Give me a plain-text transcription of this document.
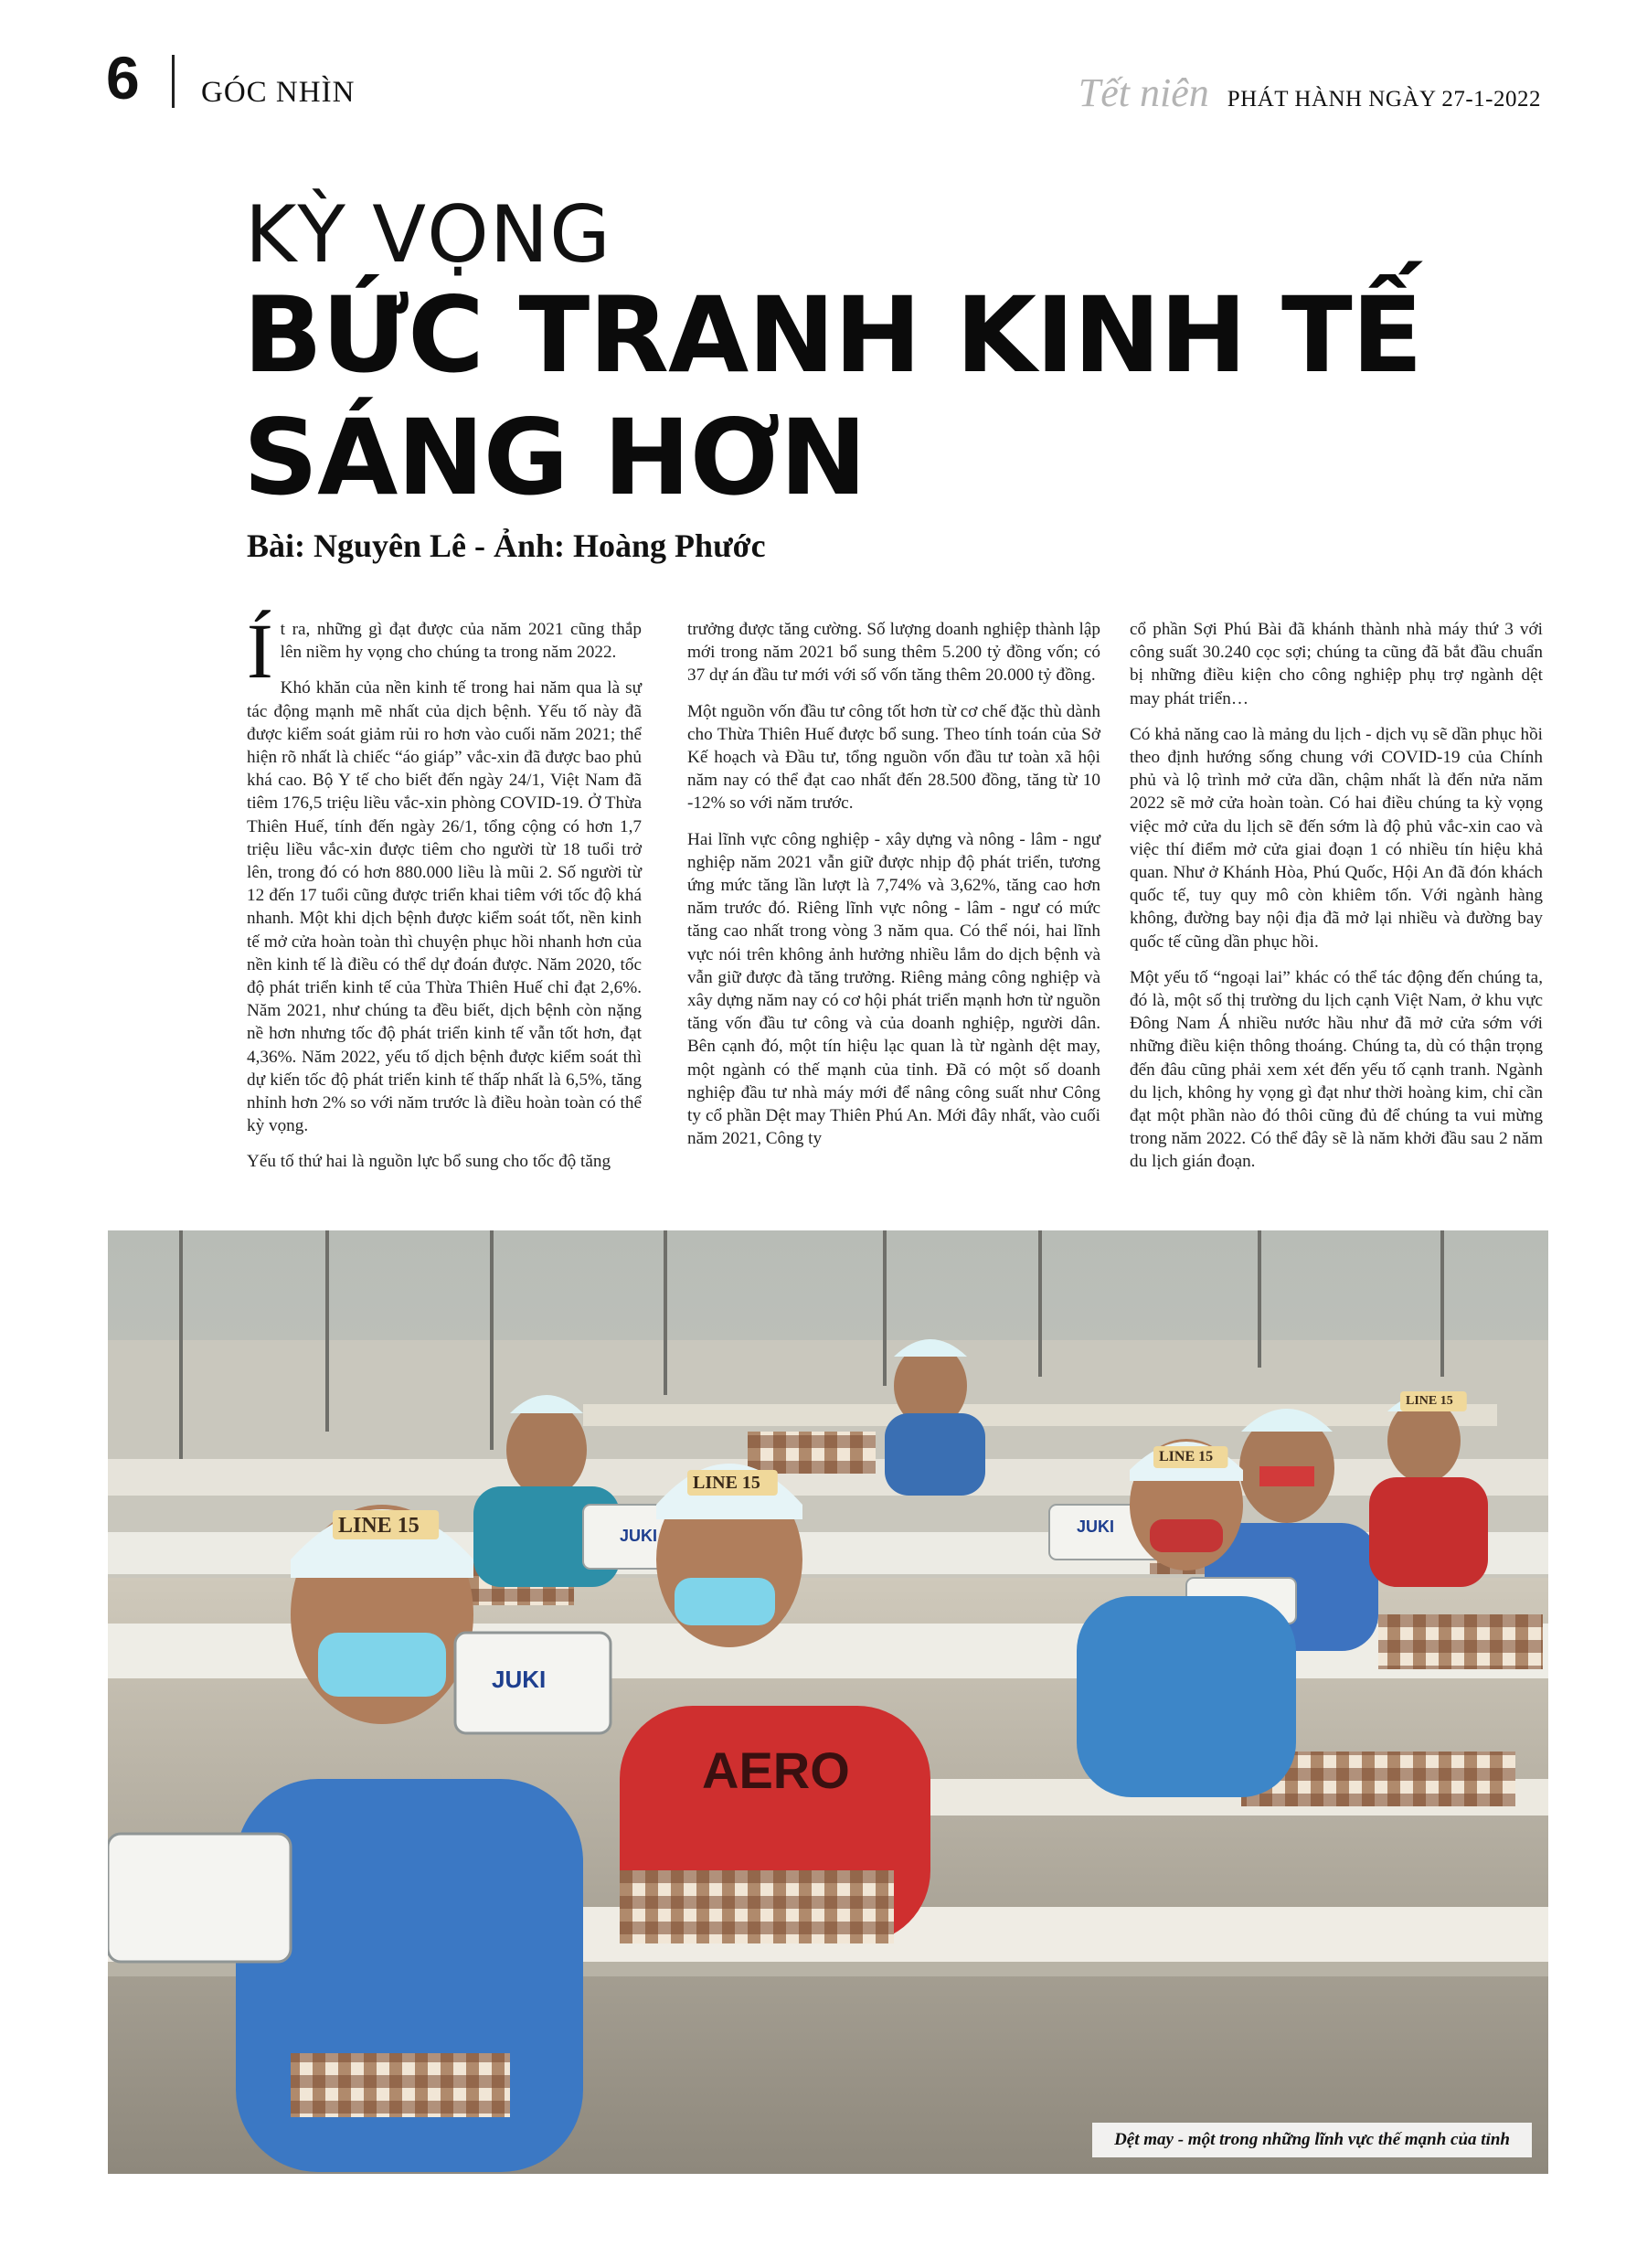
6 GÓC NHÌN	Tết niên PHÁT HÀNH NGÀY 27-1-2022
KỲ VỌNG
BỨC TRANH KINH TẾ SÁNG HƠN
Bài: Nguyên Lê - Ảnh: Hoàng Phước

Ít ra, những gì đạt được của năm 2021 cũng thắp lên niềm hy vọng cho chúng ta trong năm 2022.

Khó khăn của nền kinh tế trong hai năm qua là sự tác động mạnh mẽ nhất của dịch bệnh. Yếu tố này đã được kiểm soát giảm rủi ro hơn vào cuối năm 2021; thể hiện rõ nhất là chiếc “áo giáp” vắc-xin đã được bao phủ khá cao. Bộ Y tế cho biết đến ngày 24/1, Việt Nam đã tiêm 176,5 triệu liều vắc-xin phòng COVID-19. Ở Thừa Thiên Huế, tính đến ngày 26/1, tổng cộng có hơn 1,7 triệu liều vắc-xin được tiêm cho người từ 18 tuổi trở lên, trong đó có hơn 880.000 liều là mũi 2. Số người từ 12 đến 17 tuổi cũng được triển khai tiêm với tốc độ khá nhanh. Một khi dịch bệnh được kiểm soát tốt, nền kinh tế mở cửa hoàn toàn thì chuyện phục hồi nhanh hơn của nền kinh tế là điều có thể dự đoán được. Năm 2020, tốc độ phát triển kinh tế của Thừa Thiên Huế chỉ đạt 2,6%. Năm 2021, như chúng ta đều biết, dịch bệnh còn nặng nề hơn nhưng tốc độ phát triển kinh tế vẫn tốt hơn, đạt 4,36%. Năm 2022, yếu tố dịch bệnh được kiểm soát thì dự kiến tốc độ phát triển kinh tế thấp nhất là 6,5%, tăng nhỉnh hơn 2% so với năm trước là điều hoàn toàn có thể kỳ vọng.

Yếu tố thứ hai là nguồn lực bổ sung cho tốc độ tăng

trưởng được tăng cường. Số lượng doanh nghiệp thành lập mới trong năm 2021 bổ sung thêm 5.200 tỷ đồng vốn; có 37 dự án đầu tư mới với số vốn tăng thêm 20.000 tỷ đồng.

Một nguồn vốn đầu tư công tốt hơn từ cơ chế đặc thù dành cho Thừa Thiên Huế được bổ sung. Theo tính toán của Sở Kế hoạch và Đầu tư, tổng nguồn vốn đầu tư toàn xã hội năm nay có thể đạt cao nhất đến 28.500 đồng, tăng từ 10 -12% so với năm trước.

Hai lĩnh vực công nghiệp - xây dựng và nông - lâm - ngư nghiệp năm 2021 vẫn giữ được nhịp độ phát triển, tương ứng mức tăng lần lượt là 7,74% và 3,62%, tăng cao hơn năm trước đó. Riêng lĩnh vực nông - lâm - ngư có mức tăng cao nhất trong vòng 3 năm qua. Có thể nói, hai lĩnh vực nói trên không ảnh hưởng nhiều lắm do dịch bệnh và vẫn giữ được đà tăng trưởng. Riêng mảng công nghiệp và xây dựng năm nay có cơ hội phát triển mạnh hơn từ nguồn tăng vốn đầu tư công và của doanh nghiệp, người dân. Bên cạnh đó, một tín hiệu lạc quan là từ ngành dệt may, một ngành có thế mạnh của tỉnh. Đã có một số doanh nghiệp đầu tư nhà máy mới để nâng công suất như Công ty cổ phần Dệt may Thiên Phú An. Mới đây nhất, vào cuối năm 2021, Công ty

cổ phần Sợi Phú Bài đã khánh thành nhà máy thứ 3 với công suất 30.240 cọc sợi; chúng ta cũng đã bắt đầu chuẩn bị những điều kiện cho công nghiệp phụ trợ ngành dệt may phát triển…

Có khả năng cao là mảng du lịch - dịch vụ sẽ dần phục hồi theo định hướng sống chung với COVID-19 của Chính phủ và lộ trình mở cửa dần, chậm nhất là đến nửa năm 2022 sẽ mở cửa hoàn toàn. Có hai điều chúng ta kỳ vọng việc mở cửa du lịch sẽ đến sớm là độ phủ vắc-xin cao và việc thí điểm mở cửa giai đoạn 1 có nhiều tín hiệu khả quan. Như ở Khánh Hòa, Phú Quốc, Hội An đã đón khách quốc tế, tuy quy mô còn khiêm tốn. Với ngành hàng không, đường bay nội địa đã mở lại nhiều và đường bay quốc tế cũng dần phục hồi.

Một yếu tố “ngoại lai” khác có thể tác động đến chúng ta, đó là, một số thị trường du lịch cạnh Việt Nam, ở khu vực Đông Nam Á nhiều nước hầu như đã mở cửa sớm với những điều kiện thông thoáng. Chúng ta, dù có thận trọng đến đâu cũng phải xem xét đến yếu tố cạnh tranh. Ngành du lịch, không hy vọng gì đạt như thời hoàng kim, chỉ cần đạt một phần nào đó thôi cũng đủ để chúng ta vui mừng trong năm 2022. Có thể đây sẽ là năm khởi đầu sau 2 năm du lịch gián đoạn.

LINE 15
LINE 15
LINE 15
LINE 15
AERO
JUKI
JUKI	JUKI
Dệt may - một trong những lĩnh vực thế mạnh của tỉnh
